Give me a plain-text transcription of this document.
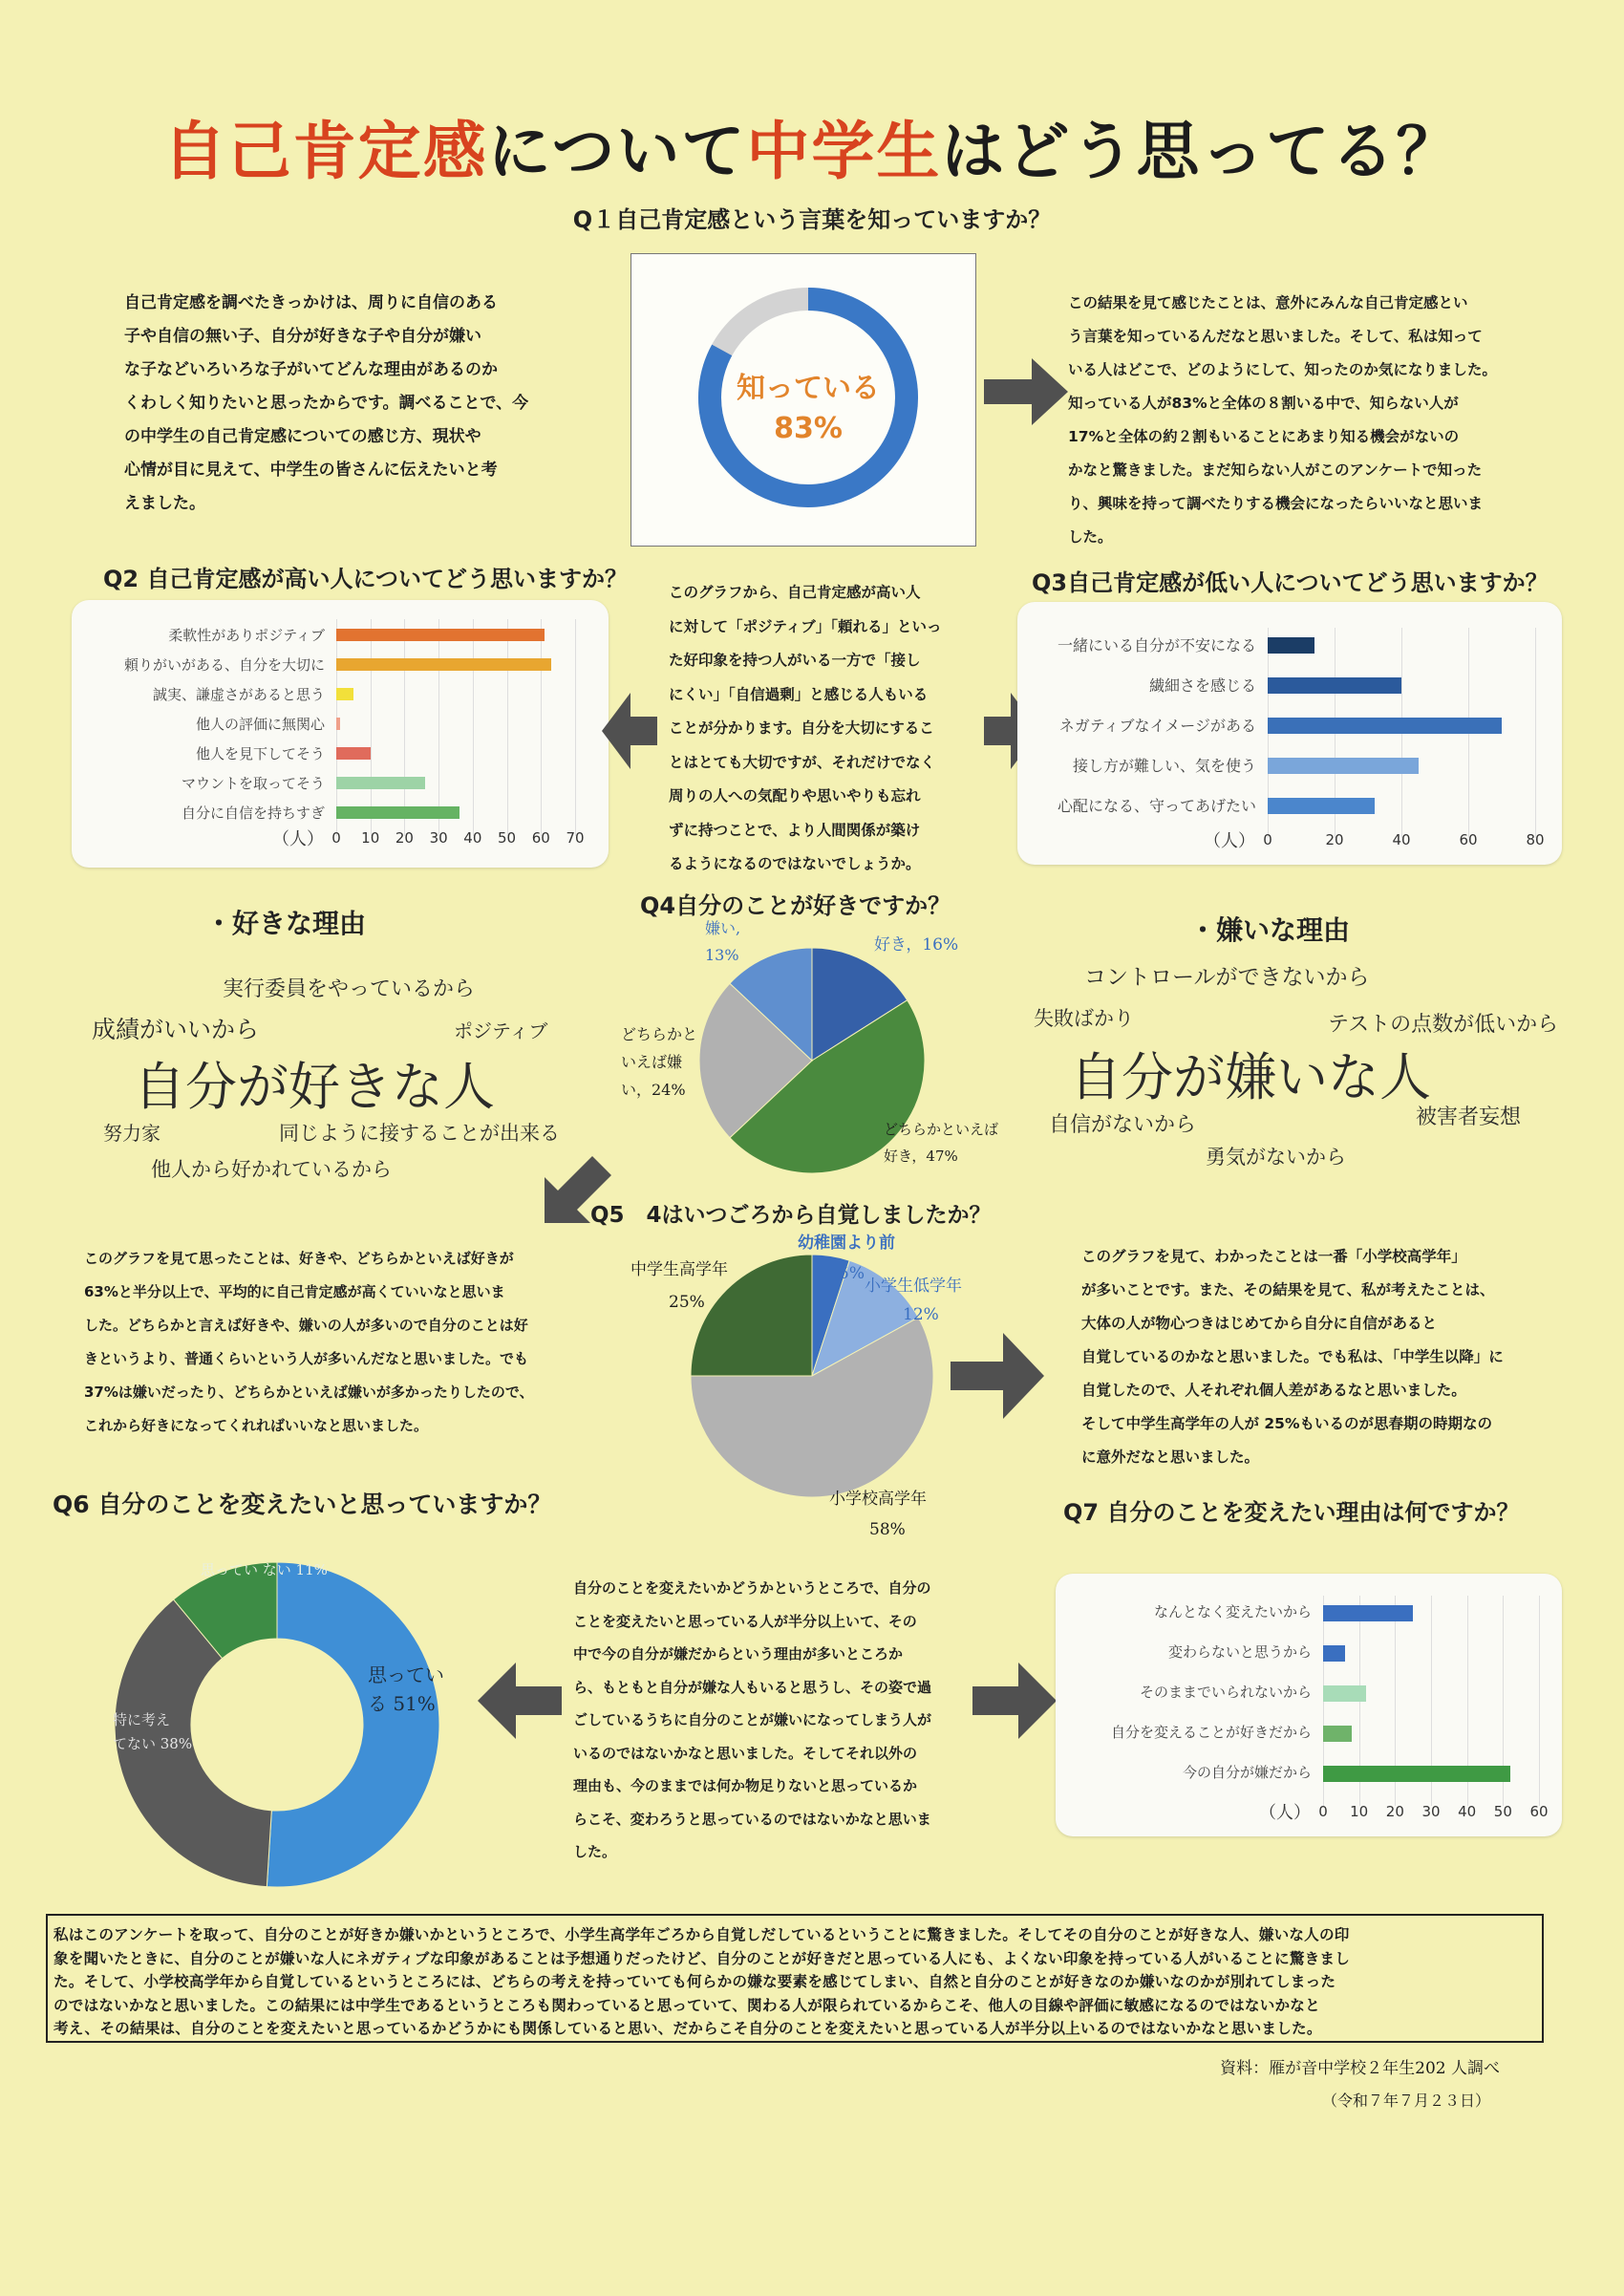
自己肯定感について中学生はどう思ってる？
Q１自己肯定感という言葉を知っていますか？
自己肯定感を調べたきっかけは、周りに自信のある
子や自信の無い子、自分が好きな子や自分が嫌い
な子などいろいろな子がいてどんな理由があるのか
くわしく知りたいと思ったからです。調べることで、今
の中学生の自己肯定感についての感じ方、現状や
心情が目に見えて、中学生の皆さんに伝えたいと考
えました。
知っている
83%
この結果を見て感じたことは、意外にみんな自己肯定感とい
う言葉を知っているんだなと思いました。そして、私は知って
いる人はどこで、どのようにして、知ったのか気になりました。
知っている人が83%と全体の８割いる中で、知らない人が
17%と全体の約２割もいることにあまり知る機会がないの
かなと驚きました。まだ知らない人がこのアンケートで知った
り、興味を持って調べたりする機会になったらいいなと思いま
した。
Q2 自己肯定感が高い人についてどう思いますか？
0	10	20	30	40	50	60	70
（人）
柔軟性がありポジティブ
頼りがいがある、自分を大切に
誠実、謙虚さがあると思う
他人の評価に無関心
他人を見下してそう
マウントを取ってそう
自分に自信を持ちすぎ
このグラフから、自己肯定感が高い人
に対して「ポジティブ」「頼れる」といっ
た好印象を持つ人がいる一方で「接し
にくい」「自信過剰」と感じる人もいる
ことが分かります。自分を大切にするこ
とはとても大切ですが、それだけでなく
周りの人への気配りや思いやりも忘れ
ずに持つことで、より人間関係が築け
るようになるのではないでしょうか。
Q3自己肯定感が低い人についてどう思いますか？
0	20	40	60	80
（人）
一緒にいる自分が不安になる
繊細さを感じる
ネガティブなイメージがある
接し方が難しい、気を使う
心配になる、守ってあげたい
・好きな理由
実行委員をやっているから
成績がいいから	ポジティブ
自分が好きな人
努力家	同じように接することが出来る
他人から好かれているから
Q4自分のことが好きですか？
嫌い,
13%
好き，16%
どちらかといえば嫌い，24%
どちらかといえば好き，47%
・嫌いな理由
コントロールができないから
失敗ばかり	テストの点数が低いから
自分が嫌いな人
自信がないから	被害者妄想
勇気がないから
Q5　4はいつごろから自覚しましたか？
このグラフを見て思ったことは、好きや、どちらかといえば好きが
63%と半分以上で、平均的に自己肯定感が高くていいなと思いま
した。どちらかと言えば好きや、嫌いの人が多いので自分のことは好
きというより、普通くらいという人が多いんだなと思いました。でも
37%は嫌いだったり、どちらかといえば嫌いが多かったりしたので、
これから好きになってくれればいいなと思いました。
幼稚園より前
5%
小学生低学年
12%
中学生高学年
25%
小学校高学年
58%
このグラフを見て、わかったことは一番「小学校高学年」
が多いことです。また、その結果を見て、私が考えたことは、
大体の人が物心つきはじめてから自分に自信があると
自覚しているのかなと思いました。でも私は、「中学生以降」に
自覚したので、人それぞれ個人差があるなと思いました。
そして中学生高学年の人が 25%もいるのが思春期の時期なの
に意外だなと思いました。
Q6 自分のことを変えたいと思っていますか？
思ってい ない 11%
思ってい
る 51%
特に考え
てない 38%
自分のことを変えたいかどうかというところで、自分の
ことを変えたいと思っている人が半分以上いて、その
中で今の自分が嫌だからという理由が多いところか
ら、もともと自分が嫌な人もいると思うし、その姿で過
ごしているうちに自分のことが嫌いになってしまう人が
いるのではないかなと思いました。そしてそれ以外の
理由も、今のままでは何か物足りないと思っているか
らこそ、変わろうと思っているのではないかなと思いま
した。
Q7 自分のことを変えたい理由は何ですか？
0	10	20	30	40	50	60
（人）
なんとなく変えたいから
変わらないと思うから
そのままでいられないから
自分を変えることが好きだから
今の自分が嫌だから
私はこのアンケートを取って、自分のことが好きか嫌いかというところで、小学生高学年ごろから自覚しだしているということに驚きました。そしてその自分のことが好きな人、嫌いな人の印
象を聞いたときに、自分のことが嫌いな人にネガティブな印象があることは予想通りだったけど、自分のことが好きだと思っている人にも、よくない印象を持っている人がいることに驚きまし
た。そして、小学校高学年から自覚しているというところには、どちらの考えを持っていても何らかの嫌な要素を感じてしまい、自然と自分のことが好きなのか嫌いなのかが別れてしまった
のではないかなと思いました。この結果には中学生であるというところも関わっていると思っていて、関わる人が限られているからこそ、他人の目線や評価に敏感になるのではないかなと
考え、その結果は、自分のことを変えたいと思っているかどうかにも関係していると思い、だからこそ自分のことを変えたいと思っている人が半分以上いるのではないかなと思いました。
資料：雁が音中学校２年生202 人調べ
（令和７年７月２３日）
